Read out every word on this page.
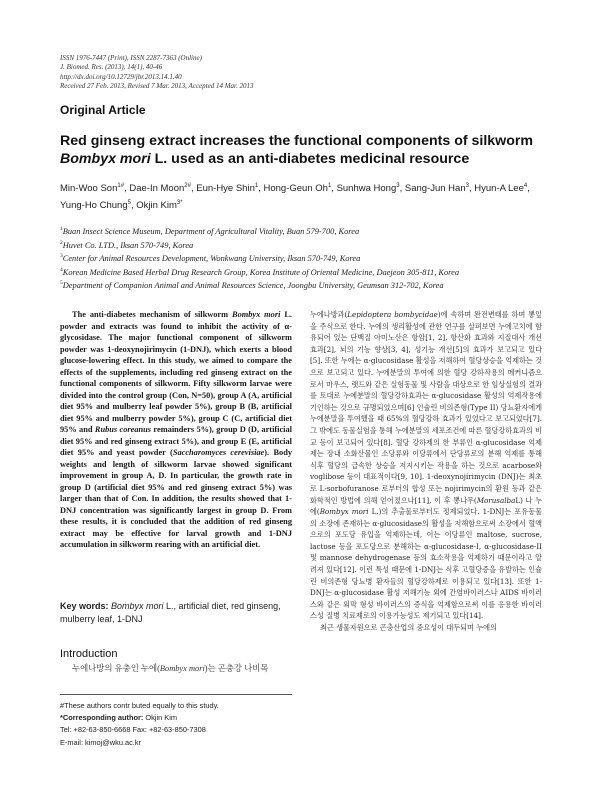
ISSN 1976-7447 (Print), ISSN 2287-7363 (Online)
J. Biomed. Res. (2013), 14(1), 40-46
http://dx.doi.org/10.12729/jbr.2013.14.1.40
Received 27 Feb. 2013, Revised 7 Mar. 2013, Accepted 14 Mar. 2013
Original Article
Red ginseng extract increases the functional components of silkworm
Bombyx mori L. used as an anti-diabetes medicinal resource
Min-Woo Son$^{1\#}$, Dae-In Moon$^{2\#}$, Eun-Hye Shin$^1$, Hong-Geun Oh$^1$, Sunhwa Hong$^3$, Sang-Jun Han$^3$, Hyun-A Lee$^4$, Yung-Ho Chung$^5$, Okjin Kim$^{3*}$
$^1$Buan Insect Science Museum, Department of Agricultural Vitality, Buan 579-700, Korea
$^2$Huvet Co. LTD., Iksan 570-749, Korea
$^3$Center for Animal Resources Development, Wonkwang University, Iksan 570-749, Korea
$^4$Korean Medicine Based Herbal Drug Research Group, Korea Institute of Oriental Medicine, Daejeon 305-811, Korea
$^5$Department of Companion Animal and Animal Resources Science, Joongbu University, Geumsan 312-702, Korea
The anti-diabetes mechanism of silkworm Bombyx mori L. powder and extracts was found to inhibit the activity of α-glycosidase. The major functional component of silkworm powder was 1-deoxynojirimycin (1-DNJ), which exerts a blood glucose-lowering effect. In this study, we aimed to compare the effects of the supplements, including red ginseng extract on the functional components of silkworm. Fifty silkworm larvae were divided into the control group (Con, N=50), group A (A, artificial diet 95% and mulberry leaf powder 5%), group B (B, artificial diet 95% and mulberry powder 5%), group C (C, artificial diet 95% and Rubus coreanus remainders 5%), group D (D, artificial diet 95% and red ginseng extract 5%), and group E (E, artificial diet 95% and yeast powder (Saccharomyces cerevisiae). Body weights and length of silkworm larvae showed significant improvement in group A, D. In particular, the growth rate in group D (artificial diet 95% and red ginseng extract 5%) was larger than that of Con. In addition, the results showed that 1-DNJ concentration was significantly largest in group D. From these results, it is concluded that the addition of red ginseng extract may be effective for larval growth and 1-DNJ accumulation in silkworm rearing with an artificial diet.
Key words: Bombyx mori L., artificial diet, red ginseng, mulberry leaf, 1-DNJ
Introduction
누에나방의 유충인 누에(Bombyx mori)는 곤충강 나비목
#These authors contr buted equally to this study.
*Corresponding author: Okjin Kim
Tel: +82-63-850-6668 Fax: +82-63-850-7308
E-mail: kimoj@wku.ac.kr

누에나방과(Lepidoptera bombycidae)에 속하며 완전변태를 하며 뽕잎을 주식으로 한다. 누에의 생리활성에 관한 연구를 살펴보면 누에고치에 함유되어 있는 단백질 아미노산은 항암[1, 2], 항산화 효과와 지질대사 개선 효과[2], 뇌의 기능 향상[3, 4], 성기능 개선[5]의 효과가 보고되고 있다[5]. 또한 누에는 α-glucosidase 활성을 저해하여 혈당상승을 억제하는 것으로 보고되고 있다. 누에분말의 투여에 의한 혈당 강하작용의 메커니즘으로서 마우스, 랫드와 같은 실험동물 및 사람을 대상으로 한 임상실험의 결과를 토대로 누에분말의 혈당강하효과는 α-glucosidase 활성의 억제작용에 기인하는 것으로 규명되었으며[6] 인슐린 비의존형(Type II) 당뇨환자에게 누에분말을 투여했을 때 65%의 혈당강하 효과가 있었다고 보고되었다[7]. 그 밖에도 동물실험을 통해 누에분말의 세포조건에 따른 혈당강하효과의 비교 등이 보고되어 있다[8]. 혈당 강하제의 한 부류인 α-glucosidase 억제제는 장내 소화산물인 소당류와 이당류에서 단당류로의 분해 억제를 통해 식후 혈당의 급속한 상승을 저지시키는 작용을 하는 것으로 acarbose와 voglibose 등이 대표적이다[9, 10]. 1-deoxynojirimycin (DNJ)는 최초로 L-sorbofuranose 로부터의 합성 또는 nojirimycin의 환원 등과 같은 화학적인 방법에 의해 얻어졌으나[11], 이 후 뽕나무(MorusalbaL) 나 누에(Bombyx mori L.)의 추출물로부터도 정제되었다. 1-DNJ는 포유동물의 소장에 존재하는 α-glucosidase의 활성을 저해함으로써 소장에서 혈액으로의 포도당 유입을 억제하는데, 이는 이당류인 maltose, sucrose, lactose 등을 포도당으로 분해하는 α-glucosidase-I, α-glucosidase-II 및 mannose dehydrogenase 등의 효소작용을 억제하기 때문이라고 알려져 있다[12]. 이런 특성 때문에 1-DNJ는 식후 고혈당증을 유발하는 인슐린 비의존형 당뇨병 환자들의 혈당강하제로 이용되고 있다[13]. 또한 1-DNJ는 α-glucosidase 활성 저해기능 외에 간염바이러스나 AIDS 바이러스와 같은 외막 형성 바이러스의 증식을 억제함으로써 이를 응용한 바이러스성 질병 치료제로의 이용가능성도 제기되고 있다[14].

최근 생물자원으로 곤충산업의 중요성이 대두되며 누에의
